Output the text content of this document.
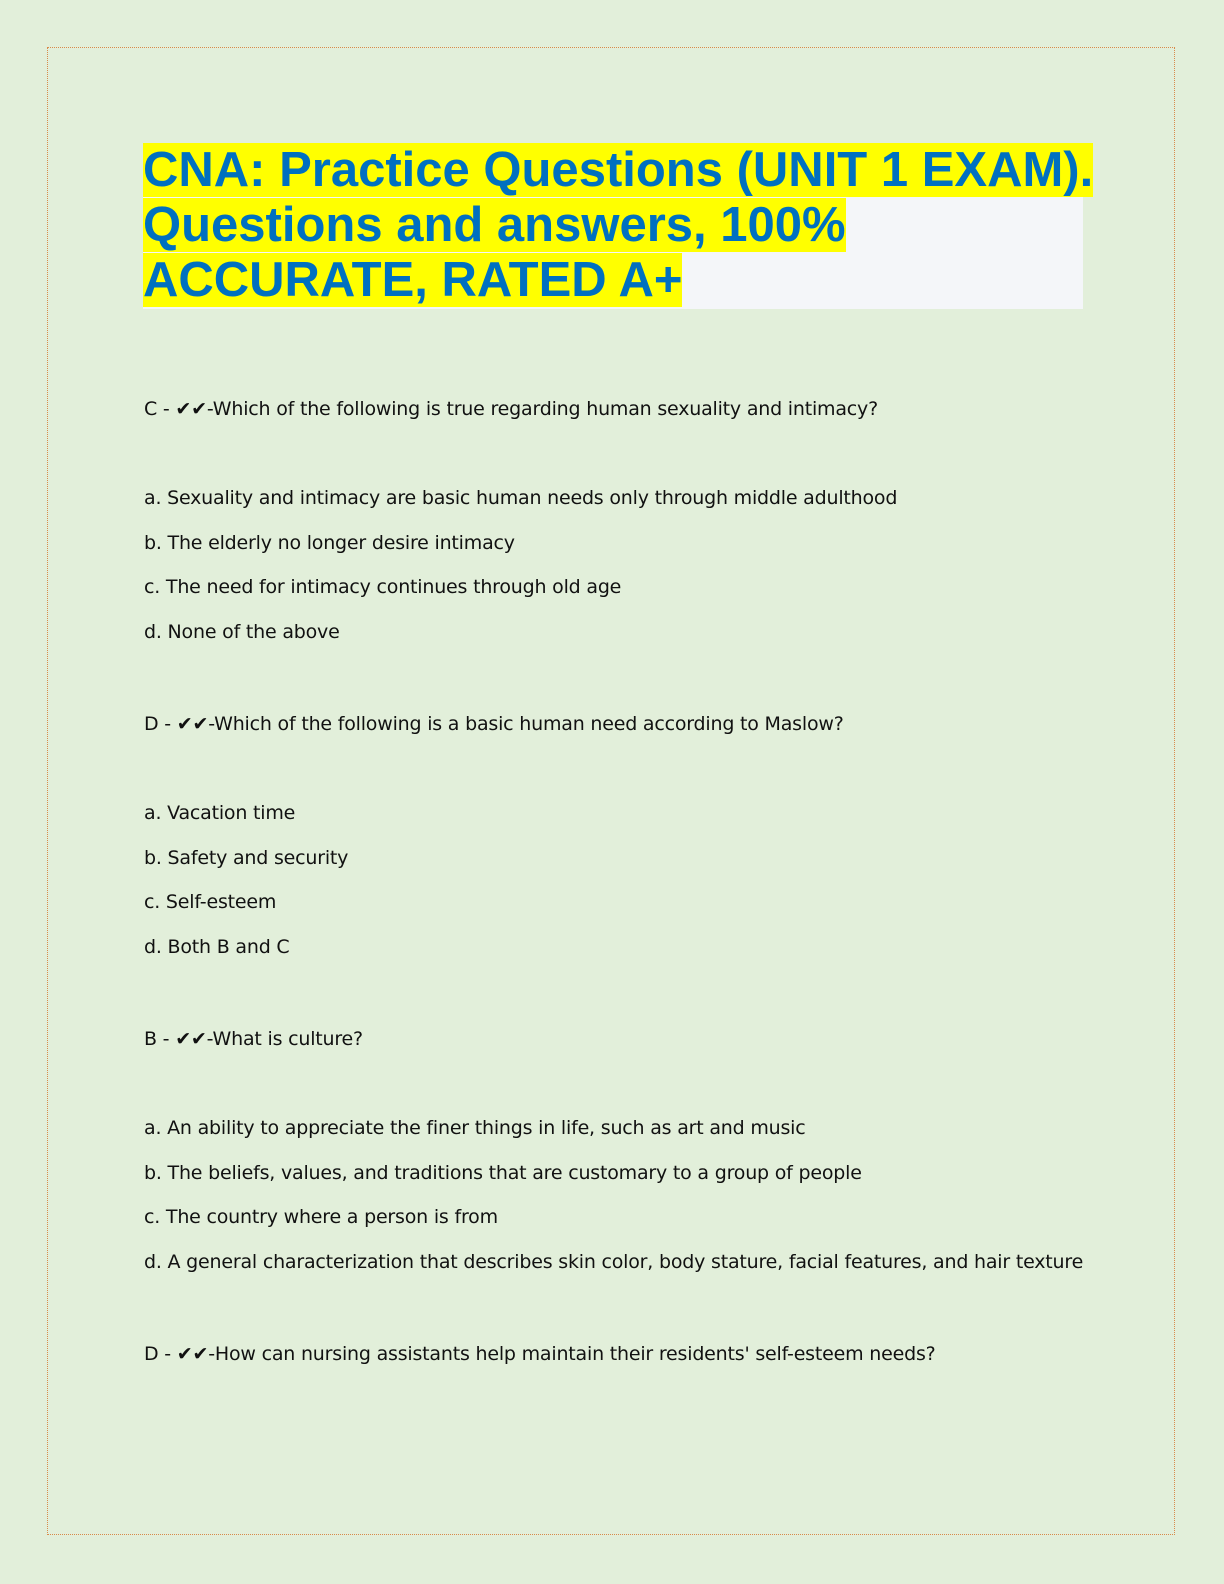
CNA: Practice Questions (UNIT 1 EXAM).
Questions and answers, 100%
ACCURATE, RATED A+
C - ✔✔-Which of the following is true regarding human sexuality and intimacy?
a. Sexuality and intimacy are basic human needs only through middle adulthood
b. The elderly no longer desire intimacy
c. The need for intimacy continues through old age
d. None of the above
D - ✔✔-Which of the following is a basic human need according to Maslow?
a. Vacation time
b. Safety and security
c. Self-esteem
d. Both B and C
B - ✔✔-What is culture?
a. An ability to appreciate the finer things in life, such as art and music
b. The beliefs, values, and traditions that are customary to a group of people
c. The country where a person is from
d. A general characterization that describes skin color, body stature, facial features, and hair texture
D - ✔✔-How can nursing assistants help maintain their residents' self-esteem needs?
